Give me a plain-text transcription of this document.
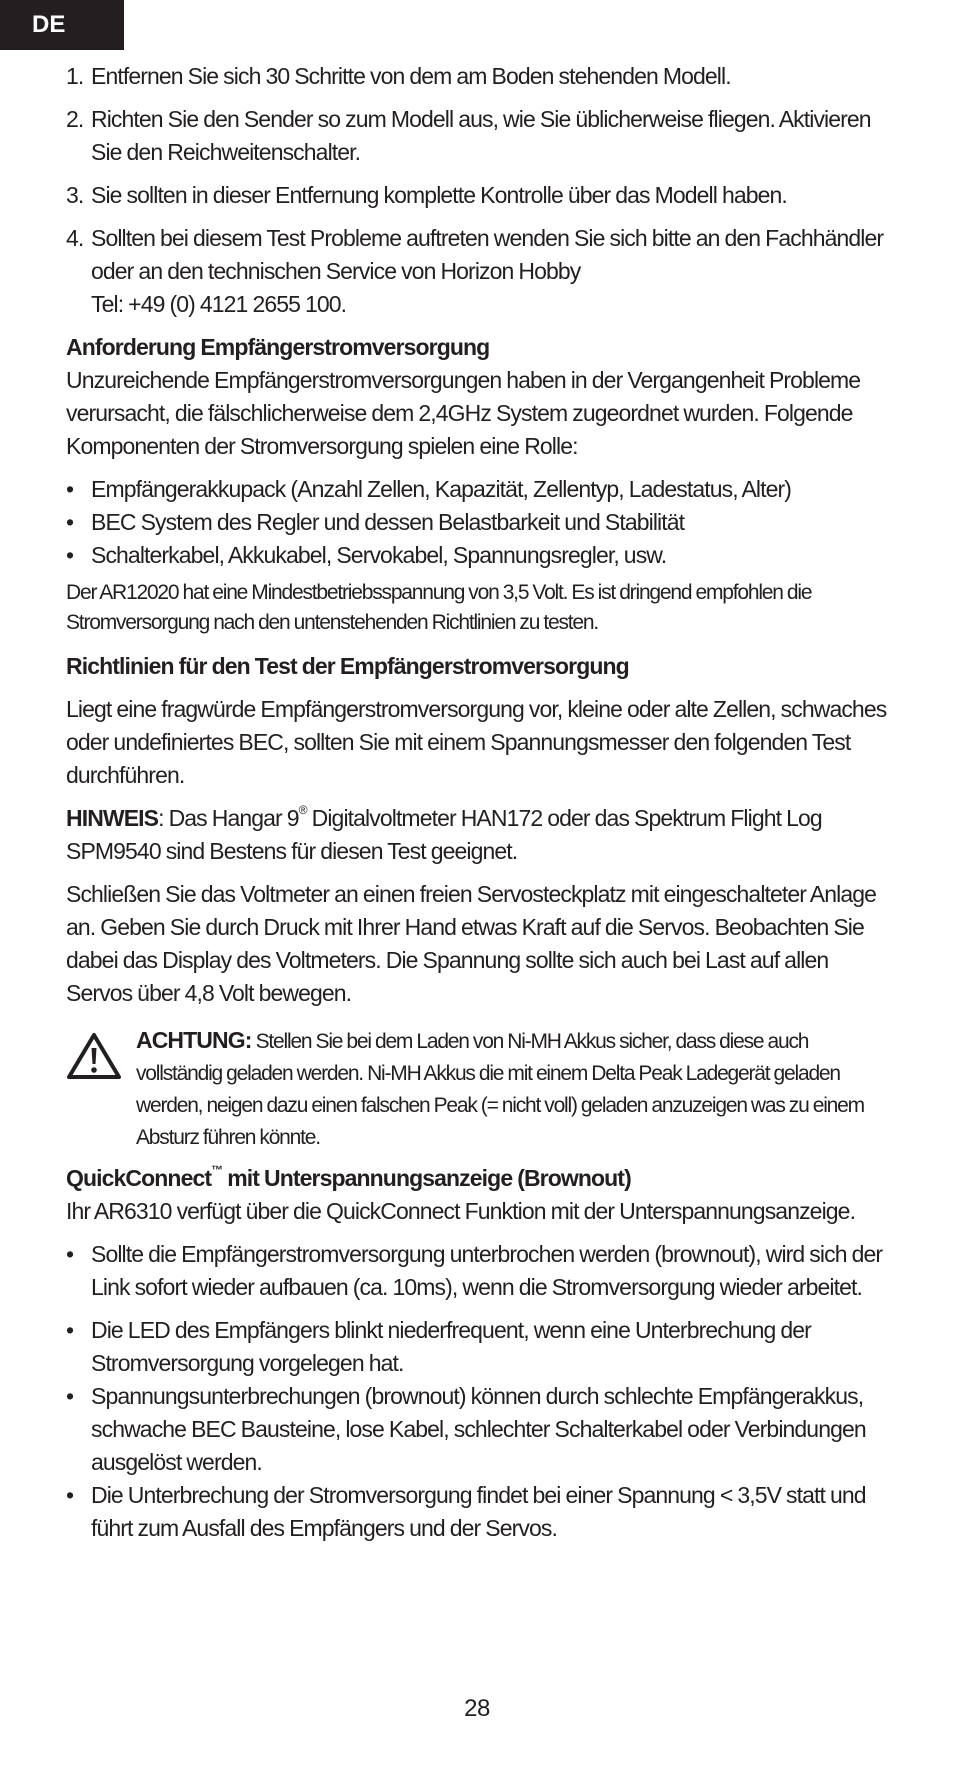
DE
1. Entfernen Sie sich 30 Schritte von dem am Boden stehenden Modell.

2. Richten Sie den Sender so zum Modell aus, wie Sie üblicherweise fliegen. Aktivieren Sie den Reichweitenschalter.

3. Sie sollten in dieser Entfernung komplette Kontrolle über das Modell haben.

4. Sollten bei diesem Test Probleme auftreten wenden Sie sich bitte an den Fachhändler oder an den technischen Service von Horizon Hobby

Tel: +49 (0) 4121 2655 100.

Anforderung Empfängerstromversorgung

Unzureichende Empfängerstromversorgungen haben in der Vergangenheit Probleme verursacht, die fälschlicherweise dem 2,4GHz System zugeordnet wurden. Folgende Komponenten der Stromversorgung spielen eine Rolle:

• Empfängerakkupack (Anzahl Zellen, Kapazität, Zellentyp, Ladestatus, Alter)

• BEC System des Regler und dessen Belastbarkeit und Stabilität

• Schalterkabel, Akkukabel, Servokabel, Spannungsregler, usw.

Der AR12020 hat eine Mindestbetriebsspannung von 3,5 Volt. Es ist dringend empfohlen die Stromversorgung nach den untenstehenden Richtlinien zu testen.

Richtlinien für den Test der Empfängerstromversorgung

Liegt eine fragwürde Empfängerstromversorgung vor, kleine oder alte Zellen, schwaches oder undefiniertes BEC, sollten Sie mit einem Spannungsmesser den folgenden Test durchführen.

HINWEIS: Das Hangar 9® Digitalvoltmeter HAN172 oder das Spektrum Flight Log SPM9540 sind Bestens für diesen Test geeignet.

Schließen Sie das Voltmeter an einen freien Servosteckplatz mit eingeschalteter Anlage an. Geben Sie durch Druck mit Ihrer Hand etwas Kraft auf die Servos. Beobachten Sie dabei das Display des Voltmeters. Die Spannung sollte sich auch bei Last auf allen Servos über 4,8 Volt bewegen.

ACHTUNG: Stellen Sie bei dem Laden von Ni-MH Akkus sicher, dass diese auch vollständig geladen werden. Ni-MH Akkus die mit einem Delta Peak Ladegerät geladen werden, neigen dazu einen falschen Peak (= nicht voll) geladen anzuzeigen was zu einem Absturz führen könnte.

QuickConnect™ mit Unterspannungsanzeige (Brownout)

Ihr AR6310 verfügt über die QuickConnect Funktion mit der Unterspannungsanzeige.

• Sollte die Empfängerstromversorgung unterbrochen werden (brownout), wird sich der Link sofort wieder aufbauen (ca. 10ms), wenn die Stromversorgung wieder arbeitet.

• Die LED des Empfängers blinkt niederfrequent, wenn eine Unterbrechung der Stromversorgung vorgelegen hat.

• Spannungsunterbrechungen (brownout) können durch schlechte Empfängerakkus, schwache BEC Bausteine, lose Kabel, schlechter Schalterkabel oder Verbindungen ausgelöst werden.

• Die Unterbrechung der Stromversorgung findet bei einer Spannung < 3,5V statt und führt zum Ausfall des Empfängers und der Servos.

28
